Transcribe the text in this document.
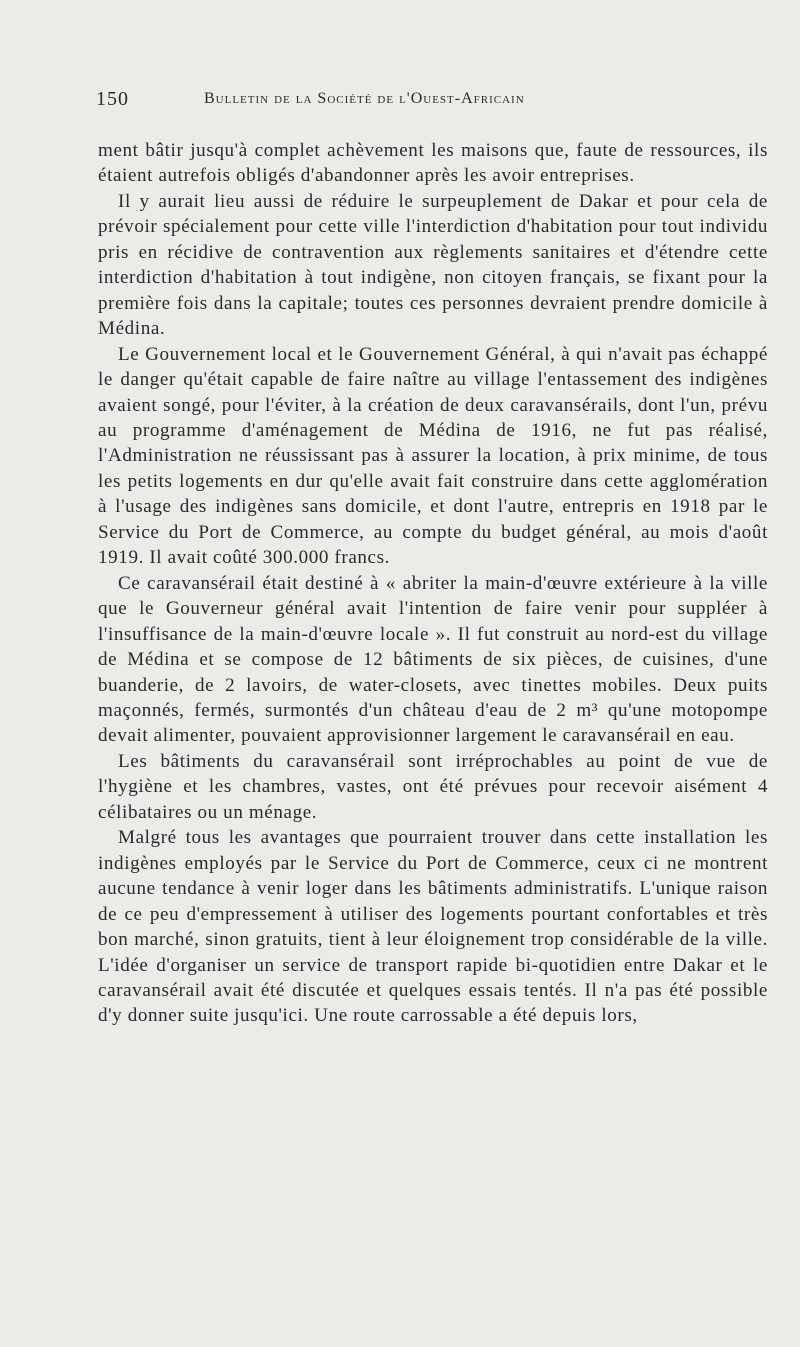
150	Bulletin de la Société de l'Ouest-Africain

ment bâtir jusqu'à complet achèvement les maisons que, faute de ressources, ils étaient autrefois obligés d'abandonner après les avoir entreprises.

Il y aurait lieu aussi de réduire le surpeuplement de Dakar et pour cela de prévoir spécialement pour cette ville l'interdiction d'habitation pour tout individu pris en récidive de contravention aux règlements sanitaires et d'étendre cette interdiction d'habitation à tout indigène, non citoyen français, se fixant pour la première fois dans la capitale; toutes ces personnes devraient prendre domicile à Médina.

Le Gouvernement local et le Gouvernement Général, à qui n'avait pas échappé le danger qu'était capable de faire naître au village l'entassement des indigènes avaient songé, pour l'éviter, à la création de deux caravansérails, dont l'un, prévu au programme d'aménagement de Médina de 1916, ne fut pas réalisé, l'Administration ne réussissant pas à assurer la location, à prix minime, de tous les petits logements en dur qu'elle avait fait construire dans cette agglomération à l'usage des indigènes sans domicile, et dont l'autre, entrepris en 1918 par le Service du Port de Commerce, au compte du budget général, au mois d'août 1919. Il avait coûté 300.000 francs.

Ce caravansérail était destiné à « abriter la main-d'œuvre extérieure à la ville que le Gouverneur général avait l'intention de faire venir pour suppléer à l'insuffisance de la main-d'œuvre locale ». Il fut construit au nord-est du village de Médina et se compose de 12 bâtiments de six pièces, de cuisines, d'une buanderie, de 2 lavoirs, de water-closets, avec tinettes mobiles. Deux puits maçonnés, fermés, surmontés d'un château d'eau de 2 m³ qu'une motopompe devait alimenter, pouvaient approvisionner largement le caravansérail en eau.

Les bâtiments du caravansérail sont irréprochables au point de vue de l'hygiène et les chambres, vastes, ont été prévues pour recevoir aisément 4 célibataires ou un ménage.

Malgré tous les avantages que pourraient trouver dans cette installation les indigènes employés par le Service du Port de Commerce, ceux ci ne montrent aucune tendance à venir loger dans les bâtiments administratifs. L'unique raison de ce peu d'empressement à utiliser des logements pourtant confortables et très bon marché, sinon gratuits, tient à leur éloignement trop considérable de la ville. L'idée d'organiser un service de transport rapide bi-quotidien entre Dakar et le caravansérail avait été discutée et quelques essais tentés. Il n'a pas été possible d'y donner suite jusqu'ici. Une route carrossable a été depuis lors,
